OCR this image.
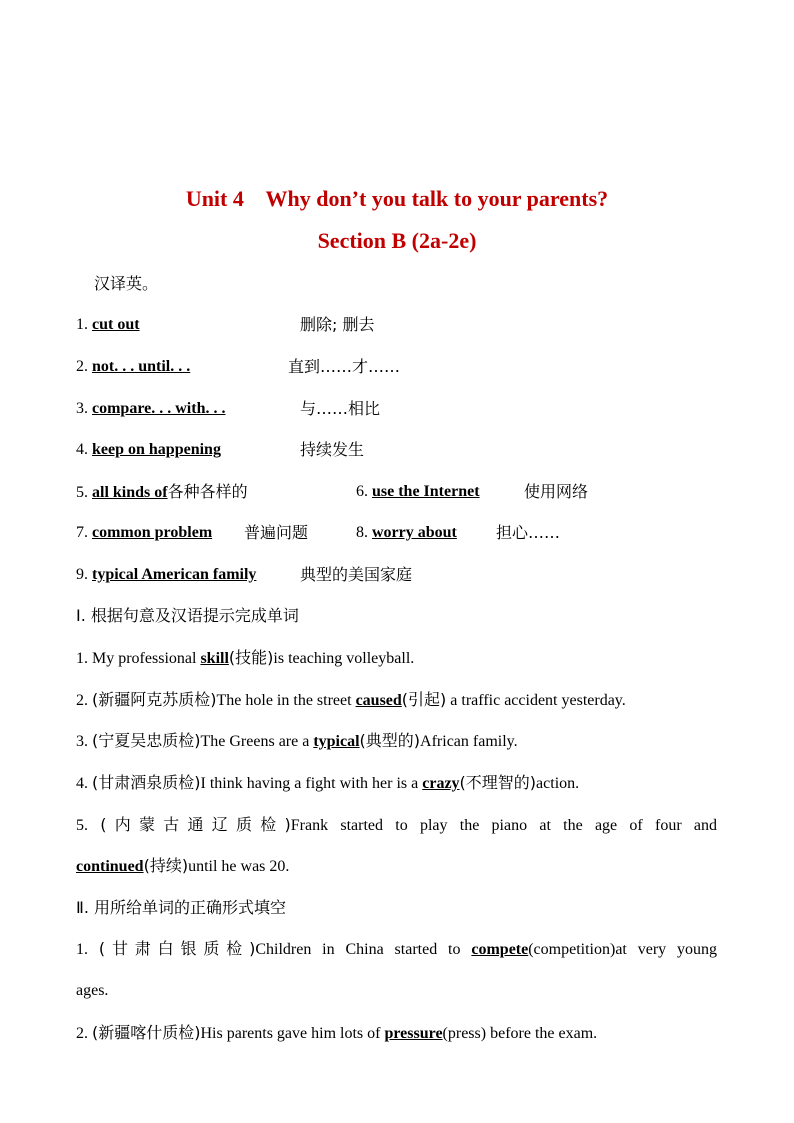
Unit 4    Why don’t you talk to your parents?
Section B (2a-2e)
汉译英。
1. cut out	删除; 删去
2. not. . . until. . .	直到……才……
3. compare. . . with. . .	与……相比
4. keep on happening	持续发生
5. all kinds of各种各样的	6. use the Internet	使用网络
7. common problem 普遍问题	8. worry about 担心……
9. typical American family	典型的美国家庭
Ⅰ. 根据句意及汉语提示完成单词
1. My professional skill(技能)is teaching volleyball.
2. (新疆阿克苏质检)The hole in the street caused(引起) a traffic accident yesterday.
3. (宁夏吴忠质检)The Greens are a typical(典型的)African family.
4. (甘肃酒泉质检)I think having a fight with her is a crazy(不理智的)action.
5. (内蒙古通辽质检)Frank started to play the piano at the age of four and
continued(持续)until he was 20.
Ⅱ. 用所给单词的正确形式填空
1. (甘肃白银质检)Children in China started to compete(competition)at very young
ages.
2. (新疆喀什质检)His parents gave him lots of pressure(press) before the exam.
